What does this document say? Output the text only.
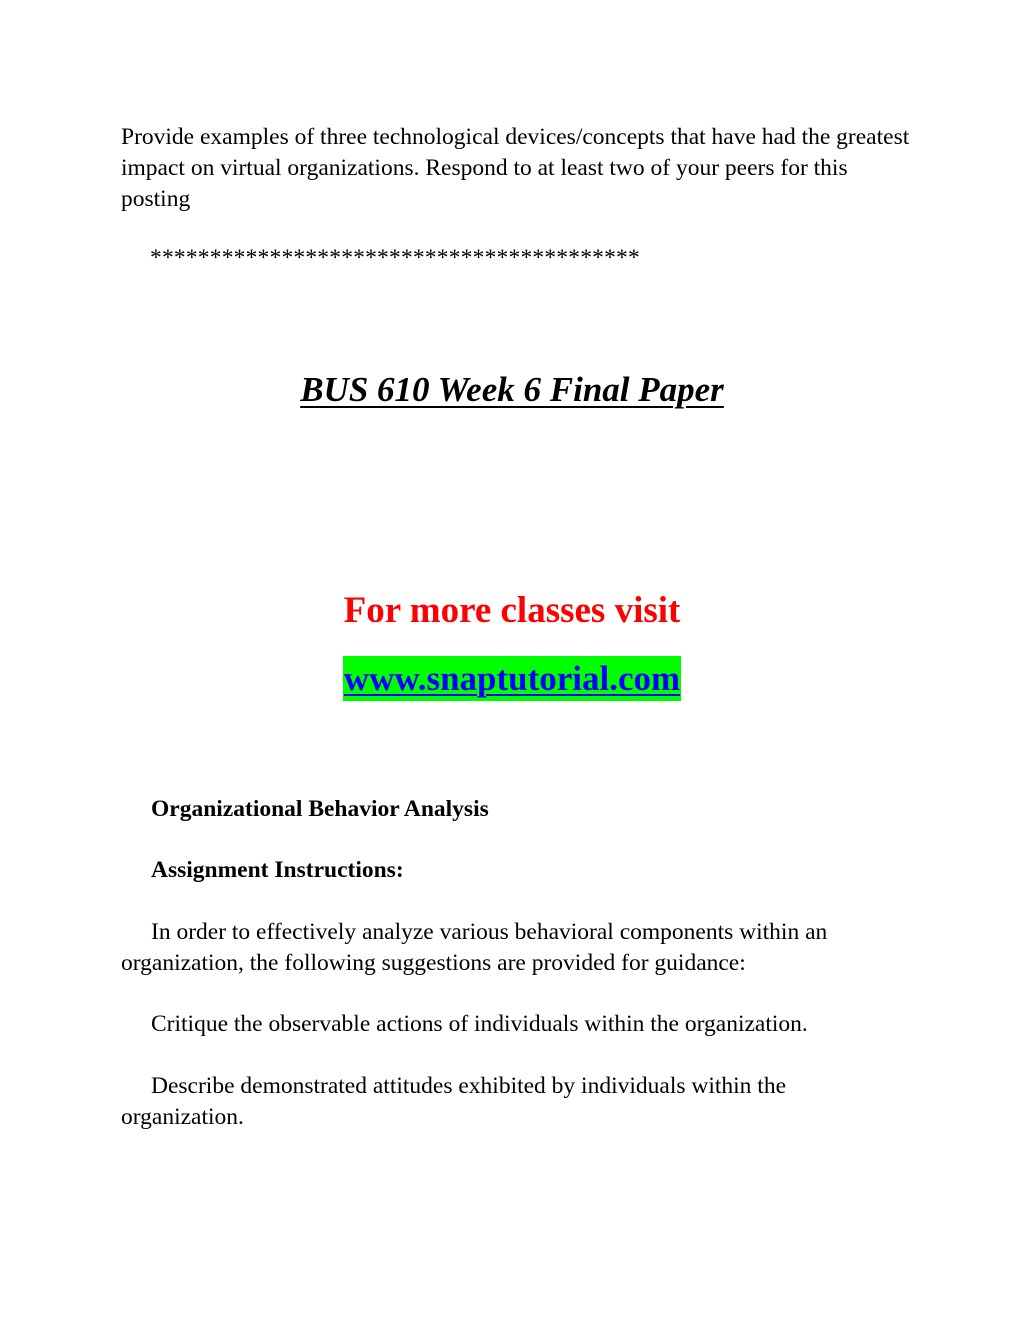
Provide examples of three technological devices/concepts that have had the greatest impact on virtual organizations. Respond to at least two of your peers for this posting

*****************************************

BUS 610 Week 6 Final Paper

For more classes visit

www.snaptutorial.com

Organizational Behavior Analysis

Assignment Instructions:

In order to effectively analyze various behavioral components within an organization, the following suggestions are provided for guidance:

Critique the observable actions of individuals within the organization.

Describe demonstrated attitudes exhibited by individuals within the organization.
